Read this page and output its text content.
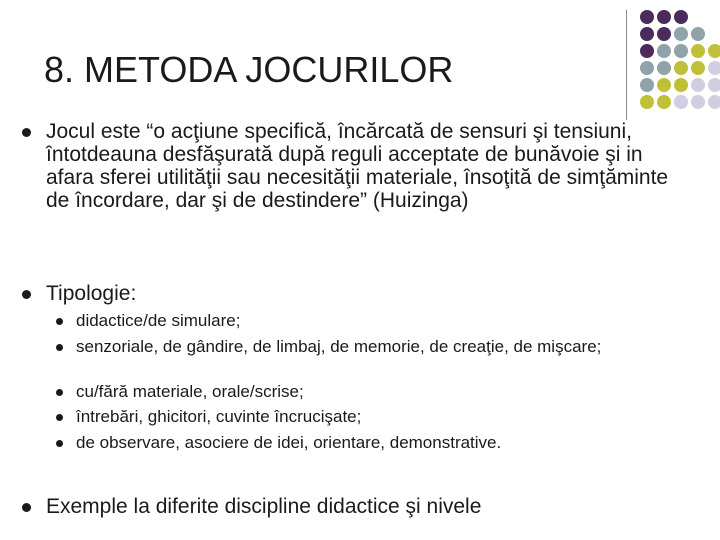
8. METODA JOCURILOR
Jocul este “o acţiune specifică, încărcată de sensuri şi tensiuni, întotdeauna desfăşurată după reguli acceptate de bunăvoie şi in afara sferei utilităţii sau necesităţii materiale, însoţită de simţăminte de încordare, dar şi de destindere” (Huizinga)
Tipologie:
didactice/de simulare;
senzoriale, de gândire, de limbaj, de memorie, de creaţie, de mişcare;
cu/fără materiale, orale/scrise;
întrebări, ghicitori, cuvinte încrucişate;
de observare, asociere de idei, orientare, demonstrative.
Exemple la diferite discipline didactice şi nivele
